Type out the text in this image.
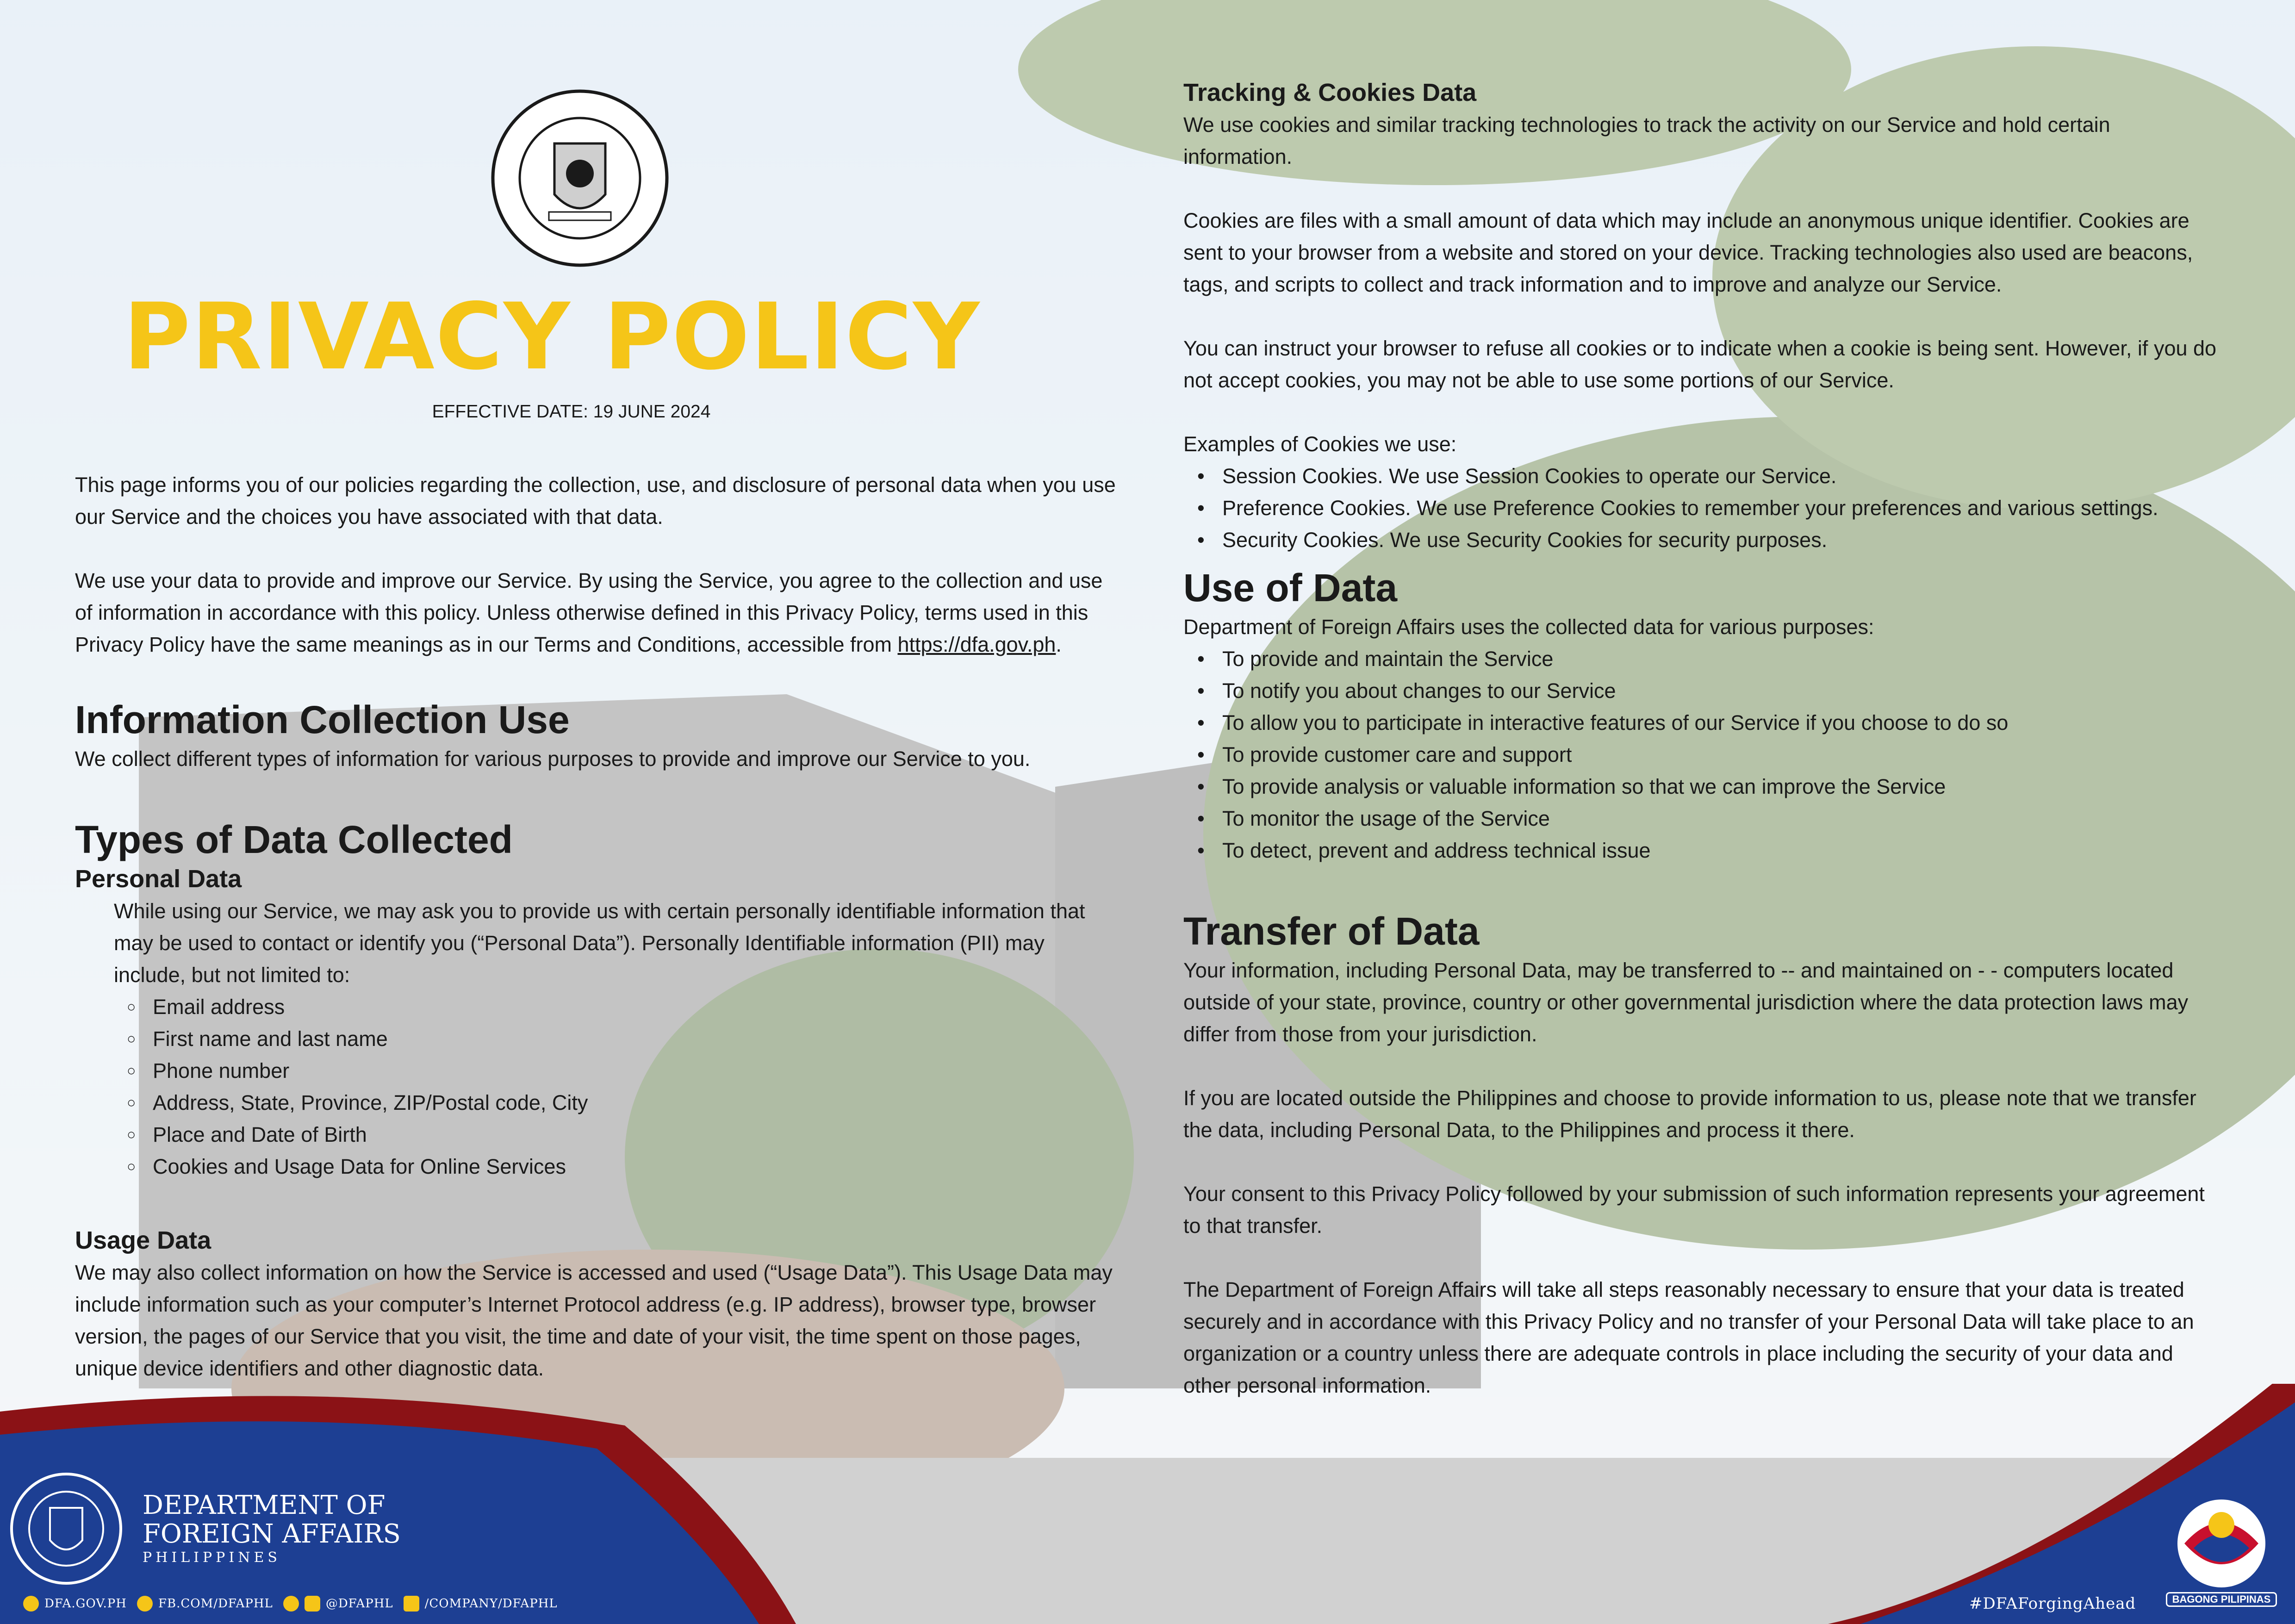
PRIVACY POLICY
EFFECTIVE DATE: 19 JUNE 2024

This page informs you of our policies regarding the collection, use, and disclosure of personal data when you use our Service and the choices you have associated with that data.

We use your data to provide and improve our Service. By using the Service, you agree to the collection and use of information in accordance with this policy. Unless otherwise defined in this Privacy Policy, terms used in this Privacy Policy have the same meanings as in our Terms and Conditions, accessible from https://dfa.gov.ph.

Information Collection Use

We collect different types of information for various purposes to provide and improve our Service to you.

Types of Data Collected
Personal Data

While using our Service, we may ask you to provide us with certain personally identifiable information that may be used to contact or identify you (“Personal Data”). Personally Identifiable information (PII) may include, but not limited to:

○ Email address
○ First name and last name
○ Phone number
○ Address, State, Province, ZIP/Postal code, City
○ Place and Date of Birth
○ Cookies and Usage Data for Online Services
Usage Data

We may also collect information on how the Service is accessed and used (“Usage Data”). This Usage Data may include information such as your computer’s Internet Protocol address (e.g. IP address), browser type, browser version, the pages of our Service that you visit, the time and date of your visit, the time spent on those pages, unique device identifiers and other diagnostic data.

Tracking & Cookies Data

We use cookies and similar tracking technologies to track the activity on our Service and hold certain information.

Cookies are files with a small amount of data which may include an anonymous unique identifier. Cookies are sent to your browser from a website and stored on your device. Tracking technologies also used are beacons, tags, and scripts to collect and track information and to improve and analyze our Service.

You can instruct your browser to refuse all cookies or to indicate when a cookie is being sent. However, if you do not accept cookies, you may not be able to use some portions of our Service.

Examples of Cookies we use:

• Session Cookies. We use Session Cookies to operate our Service.
• Preference Cookies. We use Preference Cookies to remember your preferences and various settings.
• Security Cookies. We use Security Cookies for security purposes.
Use of Data

Department of Foreign Affairs uses the collected data for various purposes:

• To provide and maintain the Service
• To notify you about changes to our Service
• To allow you to participate in interactive features of our Service if you choose to do so
• To provide customer care and support
• To provide analysis or valuable information so that we can improve the Service
• To monitor the usage of the Service
• To detect, prevent and address technical issue
Transfer of Data

Your information, including Personal Data, may be transferred to -- and maintained on - - computers located outside of your state, province, country or other governmental jurisdiction where the data protection laws may differ from those from your jurisdiction.

If you are located outside the Philippines and choose to provide information to us, please note that we transfer the data, including Personal Data, to the Philippines and process it there.

Your consent to this Privacy Policy followed by your submission of such information represents your agreement to that transfer.

The Department of Foreign Affairs will take all steps reasonably necessary to ensure that your data is treated securely and in accordance with this Privacy Policy and no transfer of your Personal Data will take place to an organization or a country unless there are adequate controls in place including the security of your data and other personal information.

DEPARTMENT OF
FOREIGN AFFAIRS
PHILIPPINES
DFA.GOV.PH	FB.COM/DFAPHL	@DFAPHL	/COMPANY/DFAPHL	#DFAForgingAhead	BAGONG PILIPINAS
